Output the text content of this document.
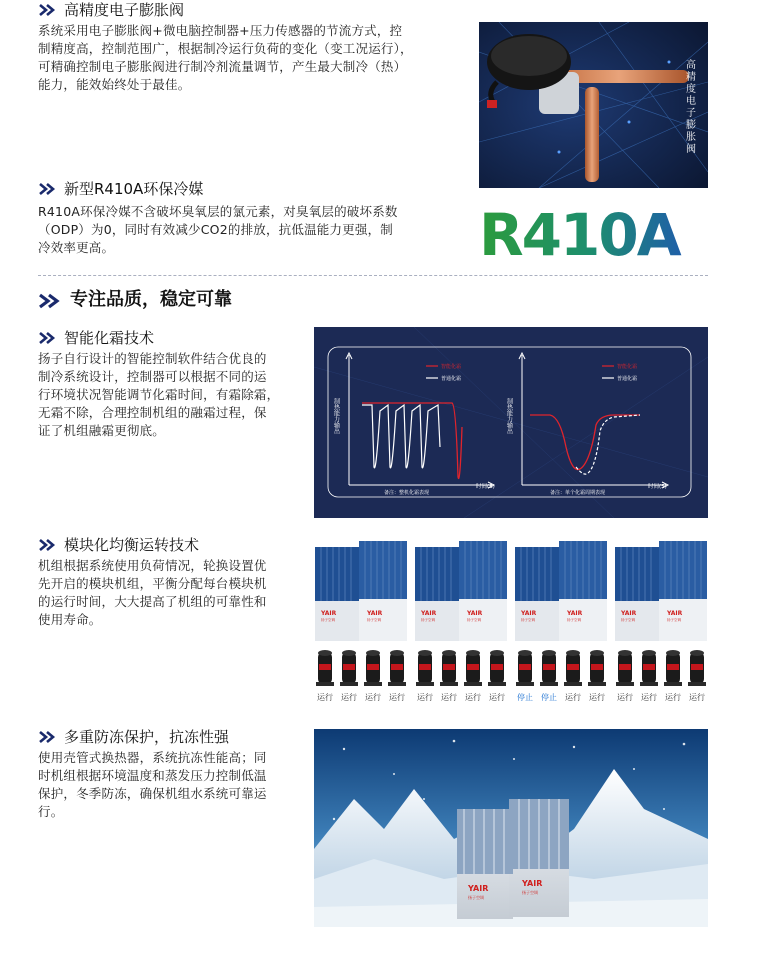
高精度电子膨胀阀
系统采用电子膨胀阀+微电脑控制器+压力传感器的节流方式，控
制精度高，控制范围广，根据制冷运行负荷的变化（变工况运行），
可精确控制电子膨胀阀进行制冷剂流量调节，产生最大制冷（热）
能力，能效始终处于最佳。
高精度电子膨胀阀
新型R410A环保冷媒
R410A环保冷媒不含破坏臭氧层的氯元素，对臭氧层的破坏系数
（ODP）为0，同时有效减少CO2的排放，抗低温能力更强，制
冷效率更高。	R410A
专注品质，稳定可靠
智能化霜技术
扬子自行设计的智能控制软件结合优良的
制冷系统设计，控制器可以根据不同的运
行环境状况智能调节化霜时间，有霜除霜，
无霜不除，合理控制机组的融霜过程，保
证了机组融霜更彻底。
智能化霜
普通化霜
制热能力输出
时间(S)
备注：整机化霜表现
智能化霜
普通化霜
制热能力输出
时间(S)
备注：单个化霜周期表现
模块化均衡运转技术
机组根据系统使用负荷情况，轮换设置优
先开启的模块机组，平衡分配每台模块机
的运行时间，大大提高了机组的可靠性和
使用寿命。	YAIR	YAIR
扬子空调	扬子空调
YAIR	YAIR
扬子空调	扬子空调
YAIR	YAIR
扬子空调	扬子空调
YAIR	YAIR
扬子空调	扬子空调
运行	运行	运行	运行	运行	运行	运行	运行	停止	停止	运行	运行	运行	运行	运行	运行
多重防冻保护，抗冻性强
使用壳管式换热器，系统抗冻性能高；同
时机组根据环境温度和蒸发压力控制低温
保护，冬季防冻，确保机组水系统可靠运
行。
YAIR
扬子空调
YAIR
扬子空调
